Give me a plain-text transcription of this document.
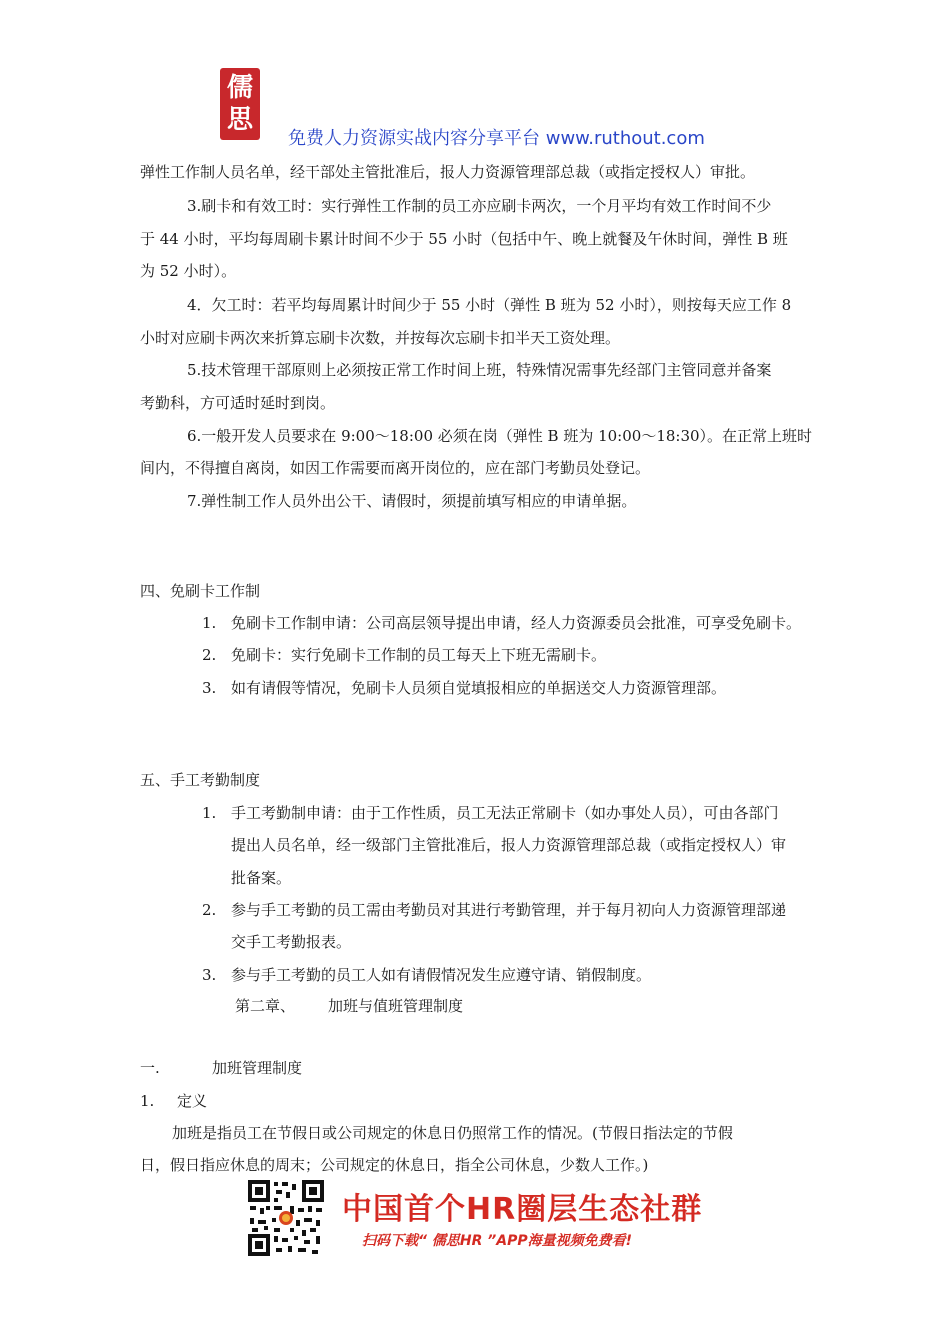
儒
思
免费人力资源实战内容分享平台 www.ruthout.com
弹性工作制人员名单，经干部处主管批准后，报人力资源管理部总裁（或指定授权人）审批。
3.刷卡和有效工时：实行弹性工作制的员工亦应刷卡两次，一个月平均有效工作时间不少
于 44 小时，平均每周刷卡累计时间不少于 55 小时（包括中午、晚上就餐及午休时间，弹性 B 班
为 52 小时）。
4．欠工时：若平均每周累计时间少于 55 小时（弹性 B 班为 52 小时），则按每天应工作 8
小时对应刷卡两次来折算忘刷卡次数，并按每次忘刷卡扣半天工资处理。
5.技术管理干部原则上必须按正常工作时间上班，特殊情况需事先经部门主管同意并备案
考勤科，方可适时延时到岗。
6.一般开发人员要求在 9:00～18:00 必须在岗（弹性 B 班为 10:00～18:30）。在正常上班时
间内，不得擅自离岗，如因工作需要而离开岗位的，应在部门考勤员处登记。
7.弹性制工作人员外出公干、请假时，须提前填写相应的申请单据。
四、免刷卡工作制
1. 免刷卡工作制申请：公司高层领导提出申请，经人力资源委员会批准，可享受免刷卡。
2. 免刷卡：实行免刷卡工作制的员工每天上下班无需刷卡。
3. 如有请假等情况，免刷卡人员须自觉填报相应的单据送交人力资源管理部。
五、手工考勤制度
1. 手工考勤制申请：由于工作性质，员工无法正常刷卡（如办事处人员），可由各部门
提出人员名单，经一级部门主管批准后，报人力资源管理部总裁（或指定授权人）审
批备案。
2. 参与手工考勤的员工需由考勤员对其进行考勤管理，并于每月初向人力资源管理部递
交手工考勤报表。
3. 参与手工考勤的员工人如有请假情况发生应遵守请、销假制度。
第二章、 加班与值班管理制度
一.	加班管理制度
1. 定义
加班是指员工在节假日或公司规定的休息日仍照常工作的情况。(节假日指法定的节假
日，假日指应休息的周末；公司规定的休息日，指全公司休息，少数人工作。)
中国首个HR圈层生态社群
扫码下载“ 儒思HR ”APP海量视频免费看!
